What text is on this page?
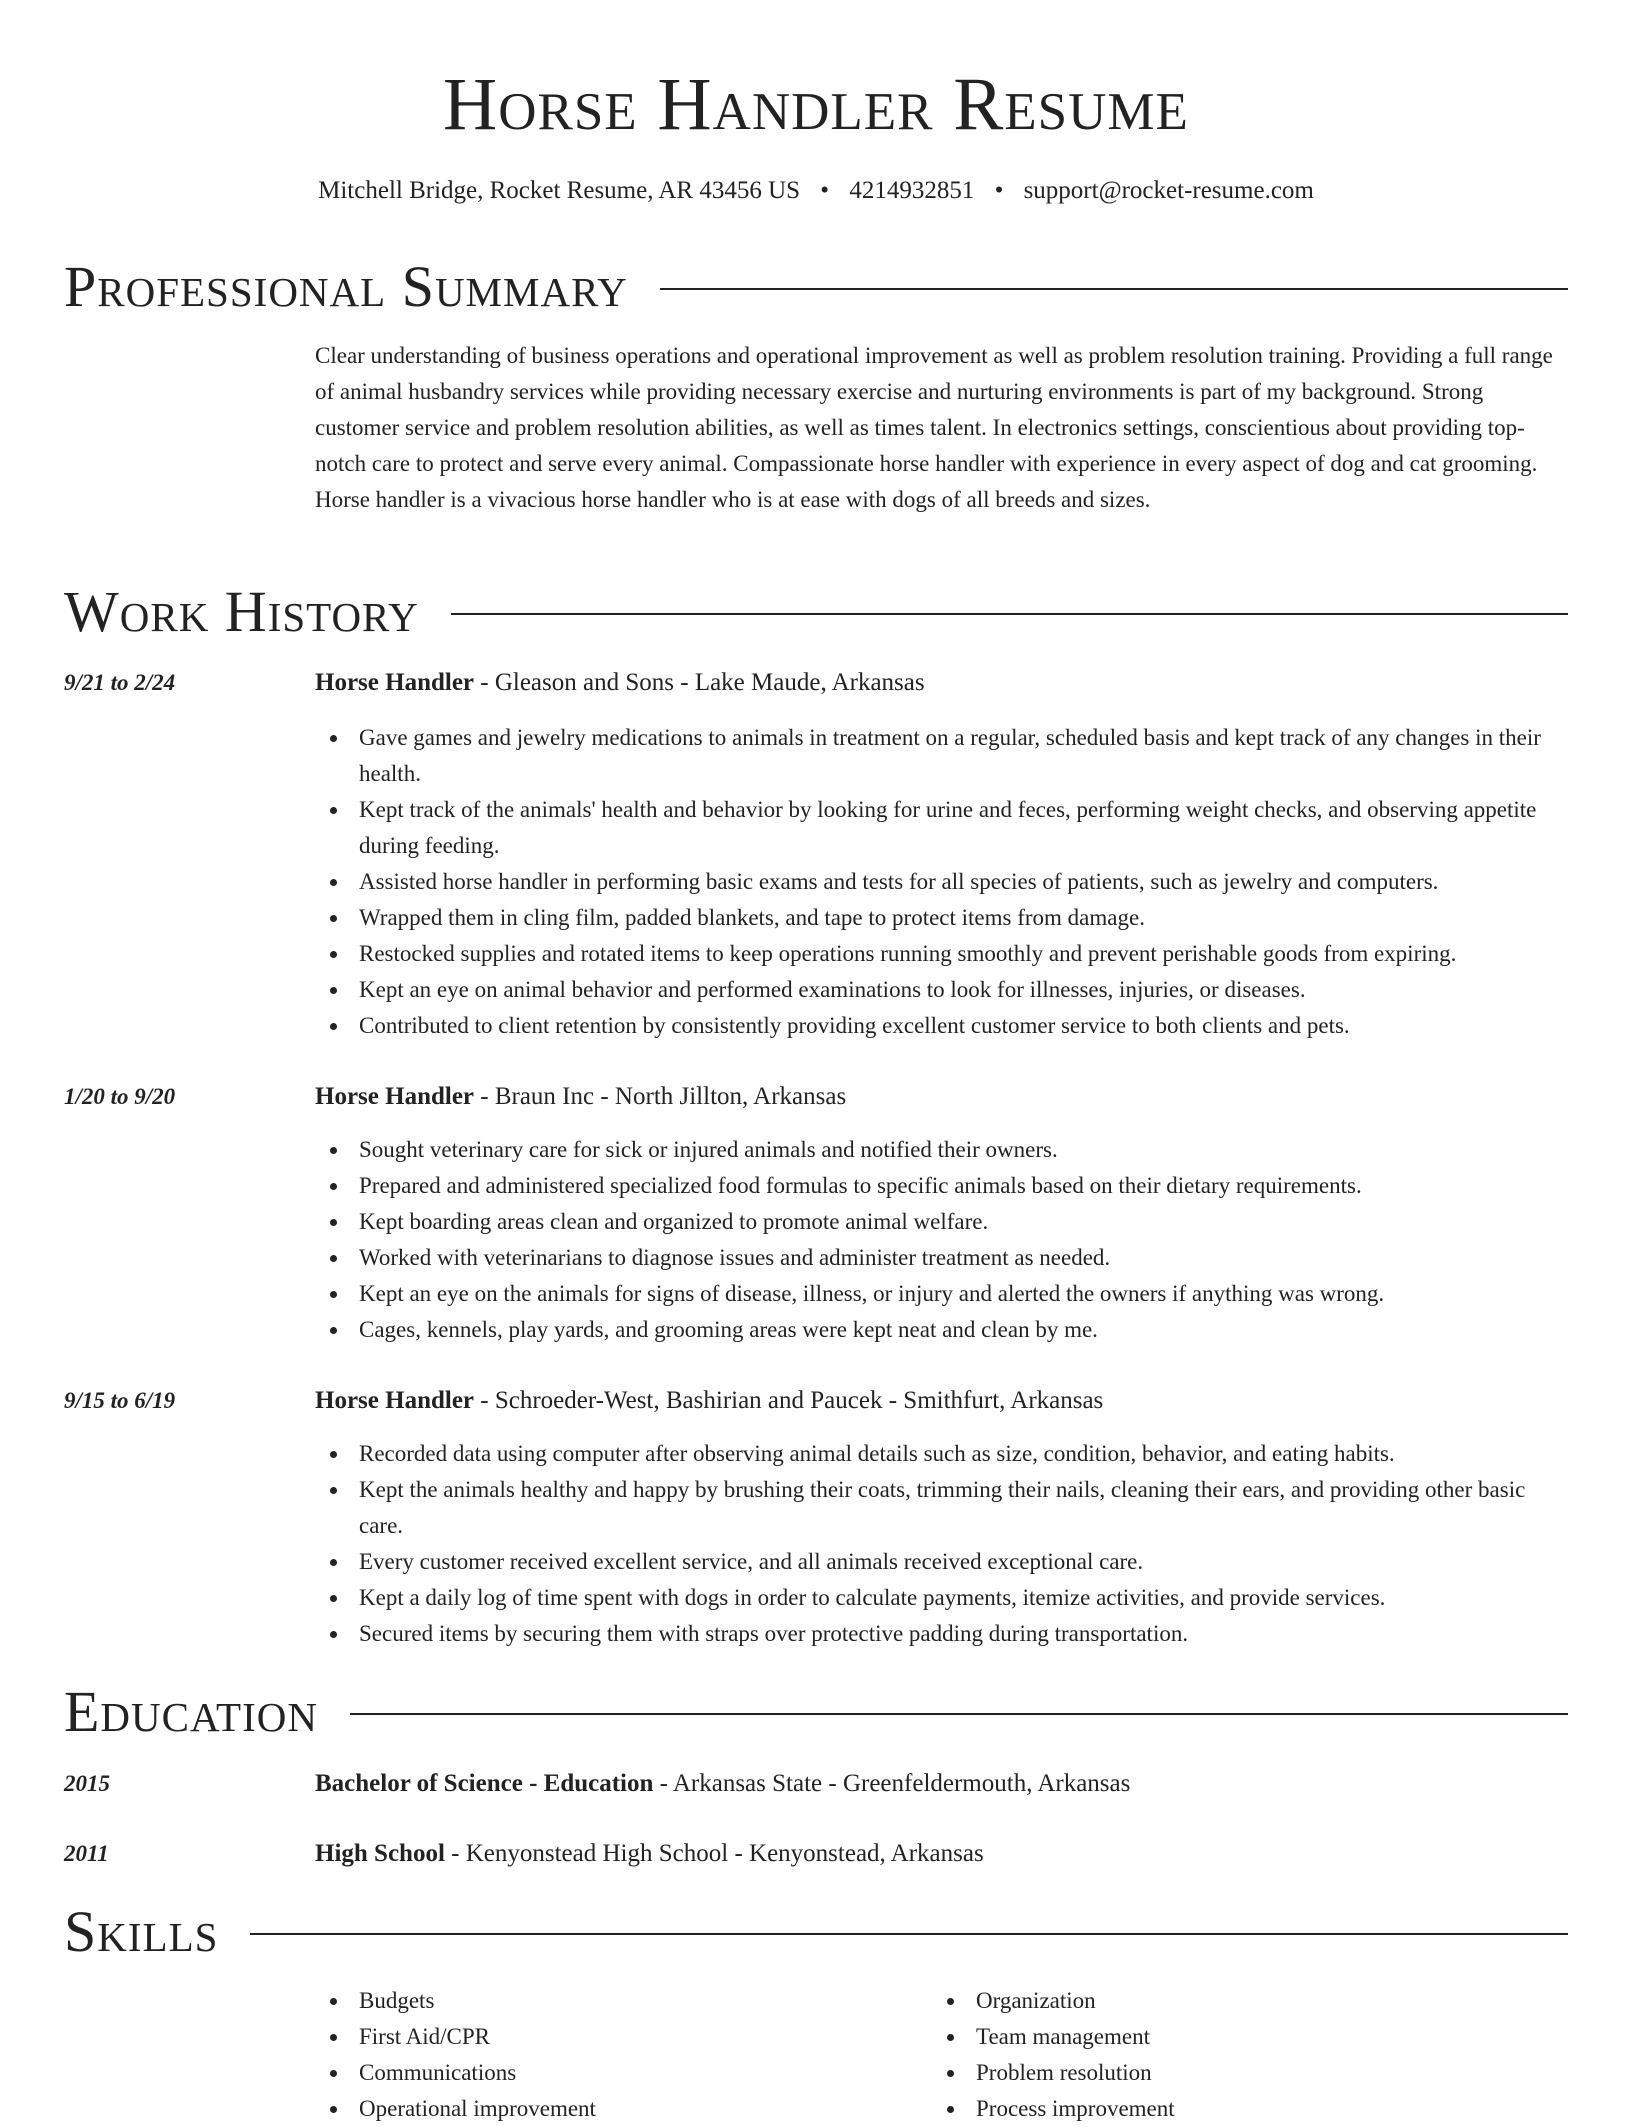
Horse Handler Resume
Mitchell Bridge, Rocket Resume, AR 43456 US • 4214932851 • support@rocket-resume.com
Professional Summary

Clear understanding of business operations and operational improvement as well as problem resolution training. Providing a full range of animal husbandry services while providing necessary exercise and nurturing environments is part of my background. Strong customer service and problem resolution abilities, as well as times talent. In electronics settings, conscientious about providing top-notch care to protect and serve every animal. Compassionate horse handler with experience in every aspect of dog and cat grooming. Horse handler is a vivacious horse handler who is at ease with dogs of all breeds and sizes.

Work History
9/21 to 2/24	Horse Handler - Gleason and Sons - Lake Maude, Arkansas
Gave games and jewelry medications to animals in treatment on a regular, scheduled basis and kept track of any changes in their health.
Kept track of the animals' health and behavior by looking for urine and feces, performing weight checks, and observing appetite during feeding.
Assisted horse handler in performing basic exams and tests for all species of patients, such as jewelry and computers.
Wrapped them in cling film, padded blankets, and tape to protect items from damage.
Restocked supplies and rotated items to keep operations running smoothly and prevent perishable goods from expiring.
Kept an eye on animal behavior and performed examinations to look for illnesses, injuries, or diseases.
Contributed to client retention by consistently providing excellent customer service to both clients and pets.
1/20 to 9/20	Horse Handler - Braun Inc - North Jillton, Arkansas
Sought veterinary care for sick or injured animals and notified their owners.
Prepared and administered specialized food formulas to specific animals based on their dietary requirements.
Kept boarding areas clean and organized to promote animal welfare.
Worked with veterinarians to diagnose issues and administer treatment as needed.
Kept an eye on the animals for signs of disease, illness, or injury and alerted the owners if anything was wrong.
Cages, kennels, play yards, and grooming areas were kept neat and clean by me.
9/15 to 6/19	Horse Handler - Schroeder-West, Bashirian and Paucek - Smithfurt, Arkansas
Recorded data using computer after observing animal details such as size, condition, behavior, and eating habits.
Kept the animals healthy and happy by brushing their coats, trimming their nails, cleaning their ears, and providing other basic care.
Every customer received excellent service, and all animals received exceptional care.
Kept a daily log of time spent with dogs in order to calculate payments, itemize activities, and provide services.
Secured items by securing them with straps over protective padding during transportation.
Education
2015	Bachelor of Science - Education - Arkansas State - Greenfeldermouth, Arkansas
2011	High School - Kenyonstead High School - Kenyonstead, Arkansas
Skills
Budgets
First Aid/CPR
Communications
Operational improvement
Organization
Team management
Problem resolution
Process improvement
